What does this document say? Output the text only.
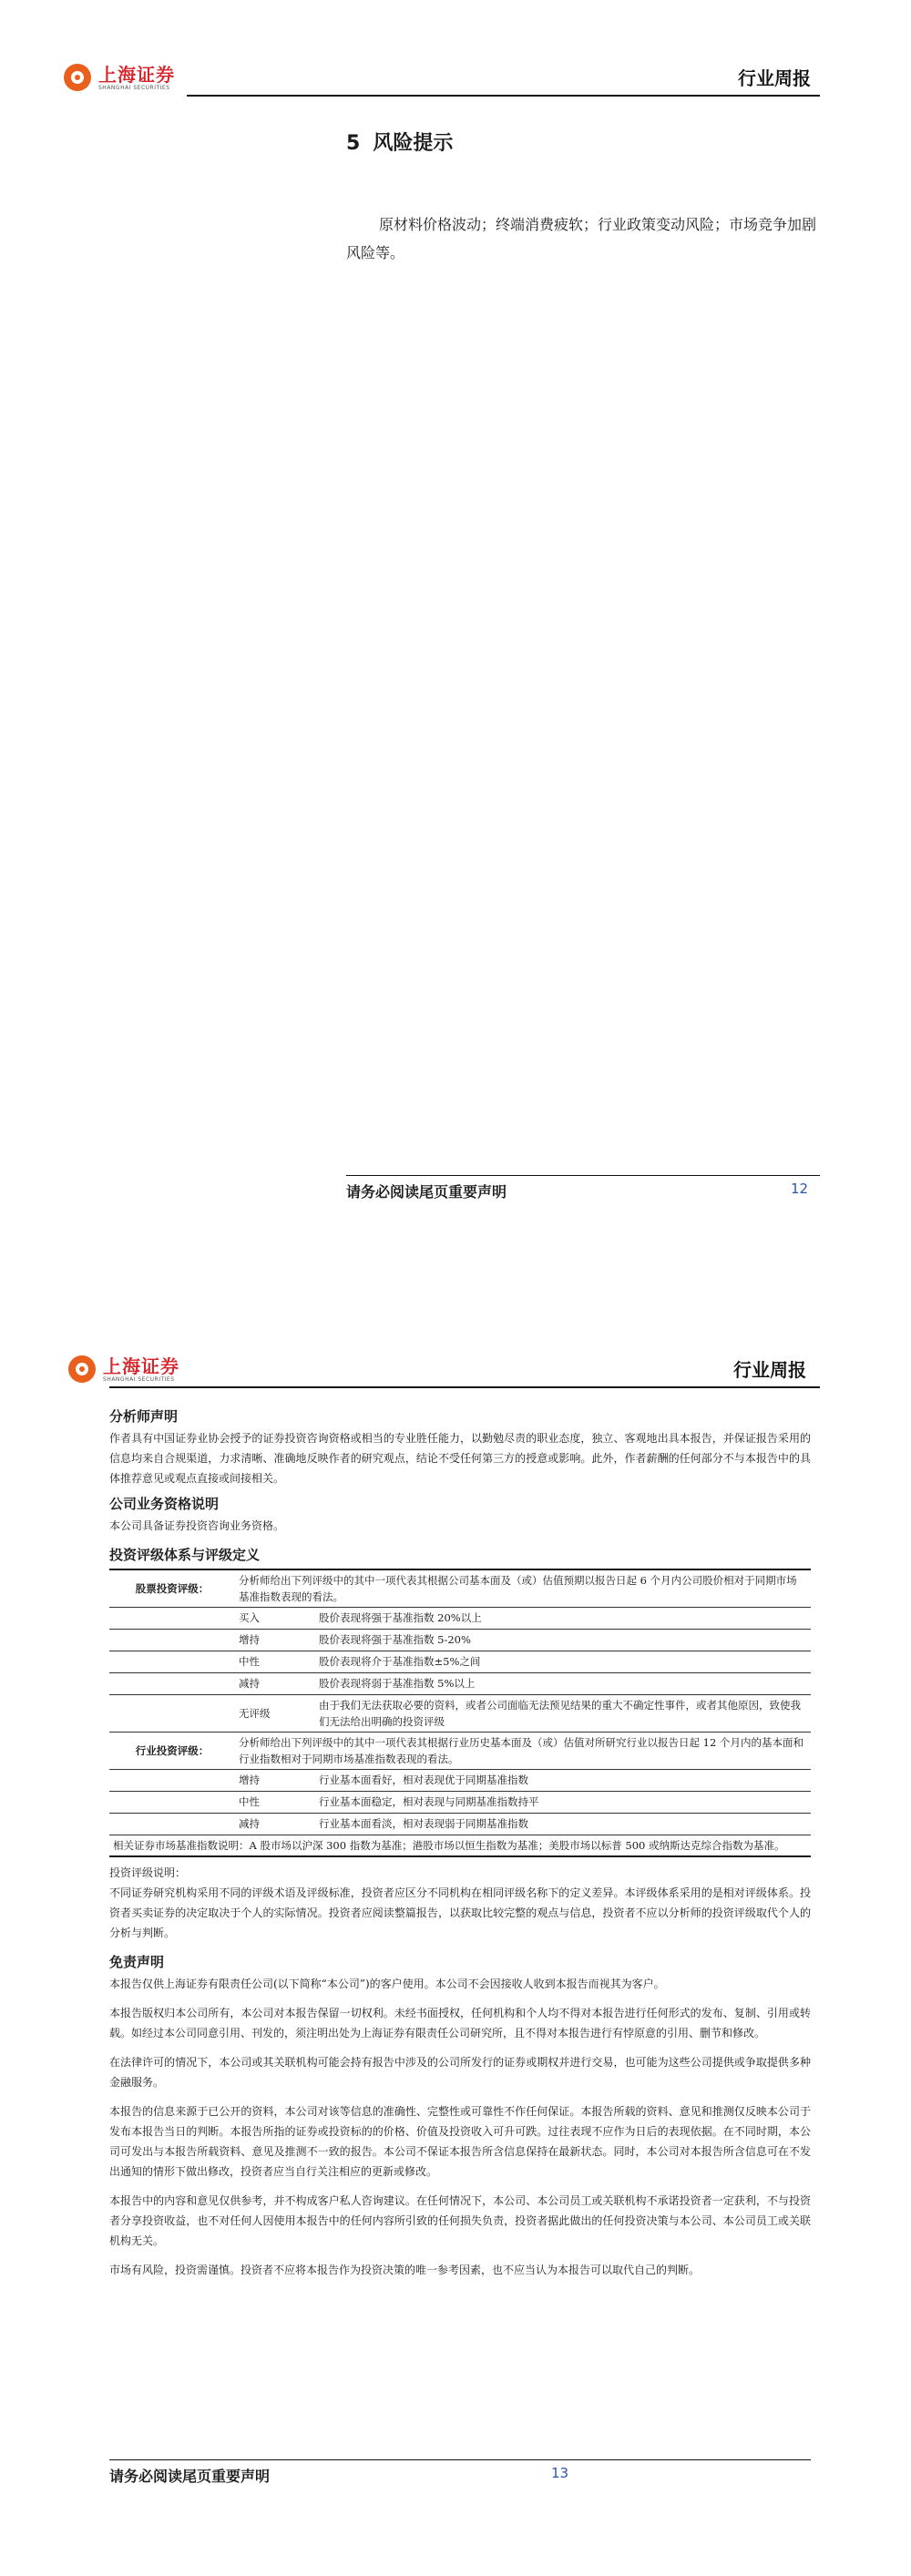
上海证券
SHANGHAI SECURITIES	行业周报
5 风险提示

原材料价格波动；终端消费疲软；行业政策变动风险；市场竞争加剧风险等。

请务必阅读尾页重要声明	12
上海证券
SHANGHAI SECURITIES	行业周报

分析师声明

作者具有中国证券业协会授予的证券投资咨询资格或相当的专业胜任能力，以勤勉尽责的职业态度，独立、客观地出具本报告，并保证报告采用的信息均来自合规渠道，力求清晰、准确地反映作者的研究观点，结论不受任何第三方的授意或影响。此外，作者薪酬的任何部分不与本报告中的具体推荐意见或观点直接或间接相关。

公司业务资格说明

本公司具备证券投资咨询业务资格。

投资评级体系与评级定义

股票投资评级：	分析师给出下列评级中的其中一项代表其根据公司基本面及（或）估值预期以报告日起 6 个月内公司股价相对于同期市场基准指数表现的看法。	
	买入	股价表现将强于基准指数 20%以上
	增持	股价表现将强于基准指数 5-20%
	中性	股价表现将介于基准指数±5%之间
	减持	股价表现将弱于基准指数 5%以上
	无评级	由于我们无法获取必要的资料，或者公司面临无法预见结果的重大不确定性事件，或者其他原因，致使我们无法给出明确的投资评级
行业投资评级：	分析师给出下列评级中的其中一项代表其根据行业历史基本面及（或）估值对所研究行业以报告日起 12 个月内的基本面和行业指数相对于同期市场基准指数表现的看法。	
	增持	行业基本面看好，相对表现优于同期基准指数
	中性	行业基本面稳定，相对表现与同期基准指数持平
	减持	行业基本面看淡，相对表现弱于同期基准指数
相关证券市场基准指数说明：A 股市场以沪深 300 指数为基准；港股市场以恒生指数为基准；美股市场以标普 500 或纳斯达克综合指数为基准。		

投资评级说明：

不同证券研究机构采用不同的评级术语及评级标准，投资者应区分不同机构在相同评级名称下的定义差异。本评级体系采用的是相对评级体系。投资者买卖证券的决定取决于个人的实际情况。投资者应阅读整篇报告，以获取比较完整的观点与信息，投资者不应以分析师的投资评级取代个人的分析与判断。

免责声明

本报告仅供上海证券有限责任公司(以下简称“本公司”)的客户使用。本公司不会因接收人收到本报告而视其为客户。

本报告版权归本公司所有，本公司对本报告保留一切权利。未经书面授权，任何机构和个人均不得对本报告进行任何形式的发布、复制、引用或转载。如经过本公司同意引用、刊发的，须注明出处为上海证券有限责任公司研究所，且不得对本报告进行有悖原意的引用、删节和修改。

在法律许可的情况下，本公司或其关联机构可能会持有报告中涉及的公司所发行的证券或期权并进行交易，也可能为这些公司提供或争取提供多种金融服务。

本报告的信息来源于已公开的资料，本公司对该等信息的准确性、完整性或可靠性不作任何保证。本报告所载的资料、意见和推测仅反映本公司于发布本报告当日的判断。本报告所指的证券或投资标的的价格、价值及投资收入可升可跌。过往表现不应作为日后的表现依据。在不同时期，本公司可发出与本报告所载资料、意见及推测不一致的报告。本公司不保证本报告所含信息保持在最新状态。同时，本公司对本报告所含信息可在不发出通知的情形下做出修改，投资者应当自行关注相应的更新或修改。

本报告中的内容和意见仅供参考，并不构成客户私人咨询建议。在任何情况下，本公司、本公司员工或关联机构不承诺投资者一定获利，不与投资者分享投资收益，也不对任何人因使用本报告中的任何内容所引致的任何损失负责，投资者据此做出的任何投资决策与本公司、本公司员工或关联机构无关。

市场有风险，投资需谨慎。投资者不应将本报告作为投资决策的唯一参考因素，也不应当认为本报告可以取代自己的判断。

请务必阅读尾页重要声明	13
